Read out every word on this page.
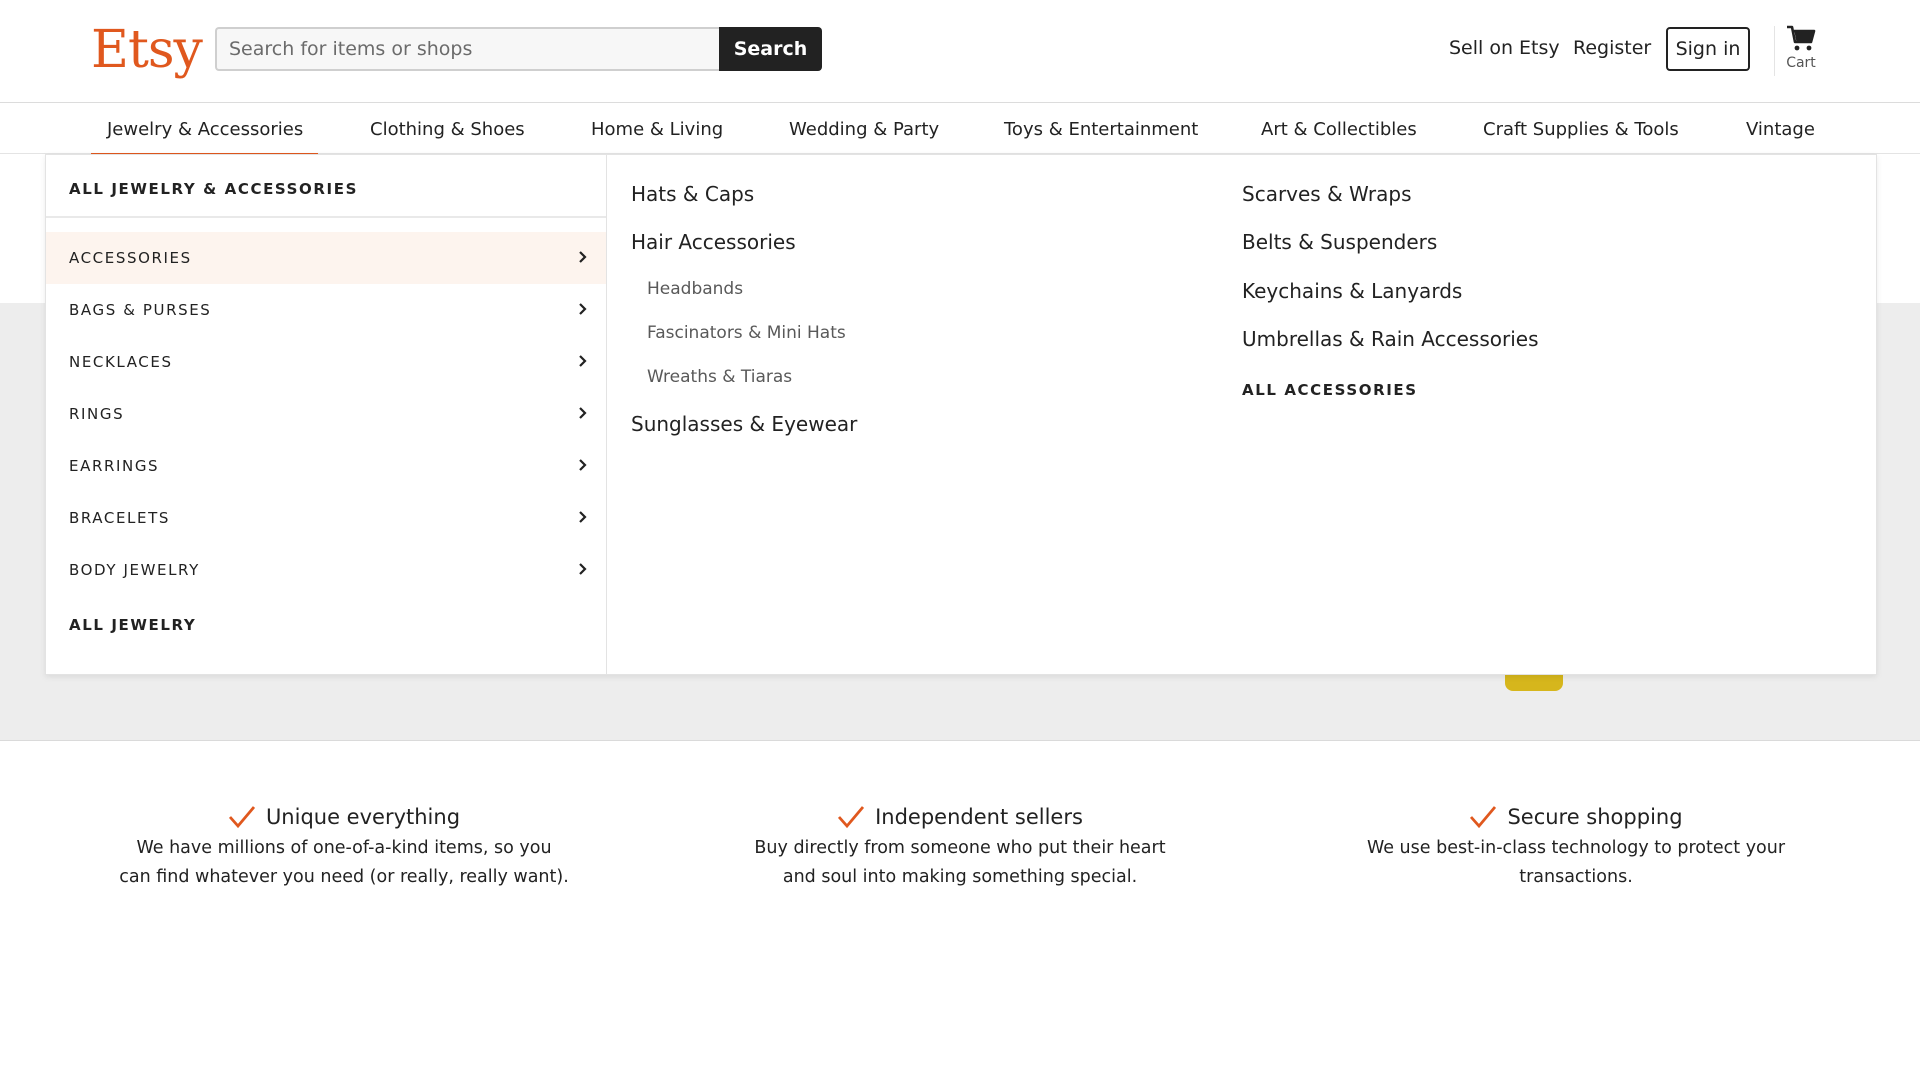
Etsy
Search for items or shops	Search	Sell on Etsy Register	Sign in
Cart
Jewelry & Accessories	Clothing & Shoes	Home & Living	Wedding & Party	Toys & Entertainment	Art & Collectibles	Craft Supplies & Tools	Vintage
ALL JEWELRY & ACCESSORIES
ACCESSORIES
BAGS & PURSES
NECKLACES
RINGS
EARRINGS
BRACELETS
BODY JEWELRY
ALL JEWELRY
Hats & Caps
Hair Accessories
Headbands
Fascinators & Mini Hats
Wreaths & Tiaras
Sunglasses & Eyewear
Scarves & Wraps
Belts & Suspenders
Keychains & Lanyards
Umbrellas & Rain Accessories
ALL ACCESSORIES
Unique everything
We have millions of one-of-a-kind items, so you
can find whatever you need (or really, really want).
Independent sellers
Buy directly from someone who put their heart
and soul into making something special.
Secure shopping
We use best-in-class technology to protect your
transactions.
